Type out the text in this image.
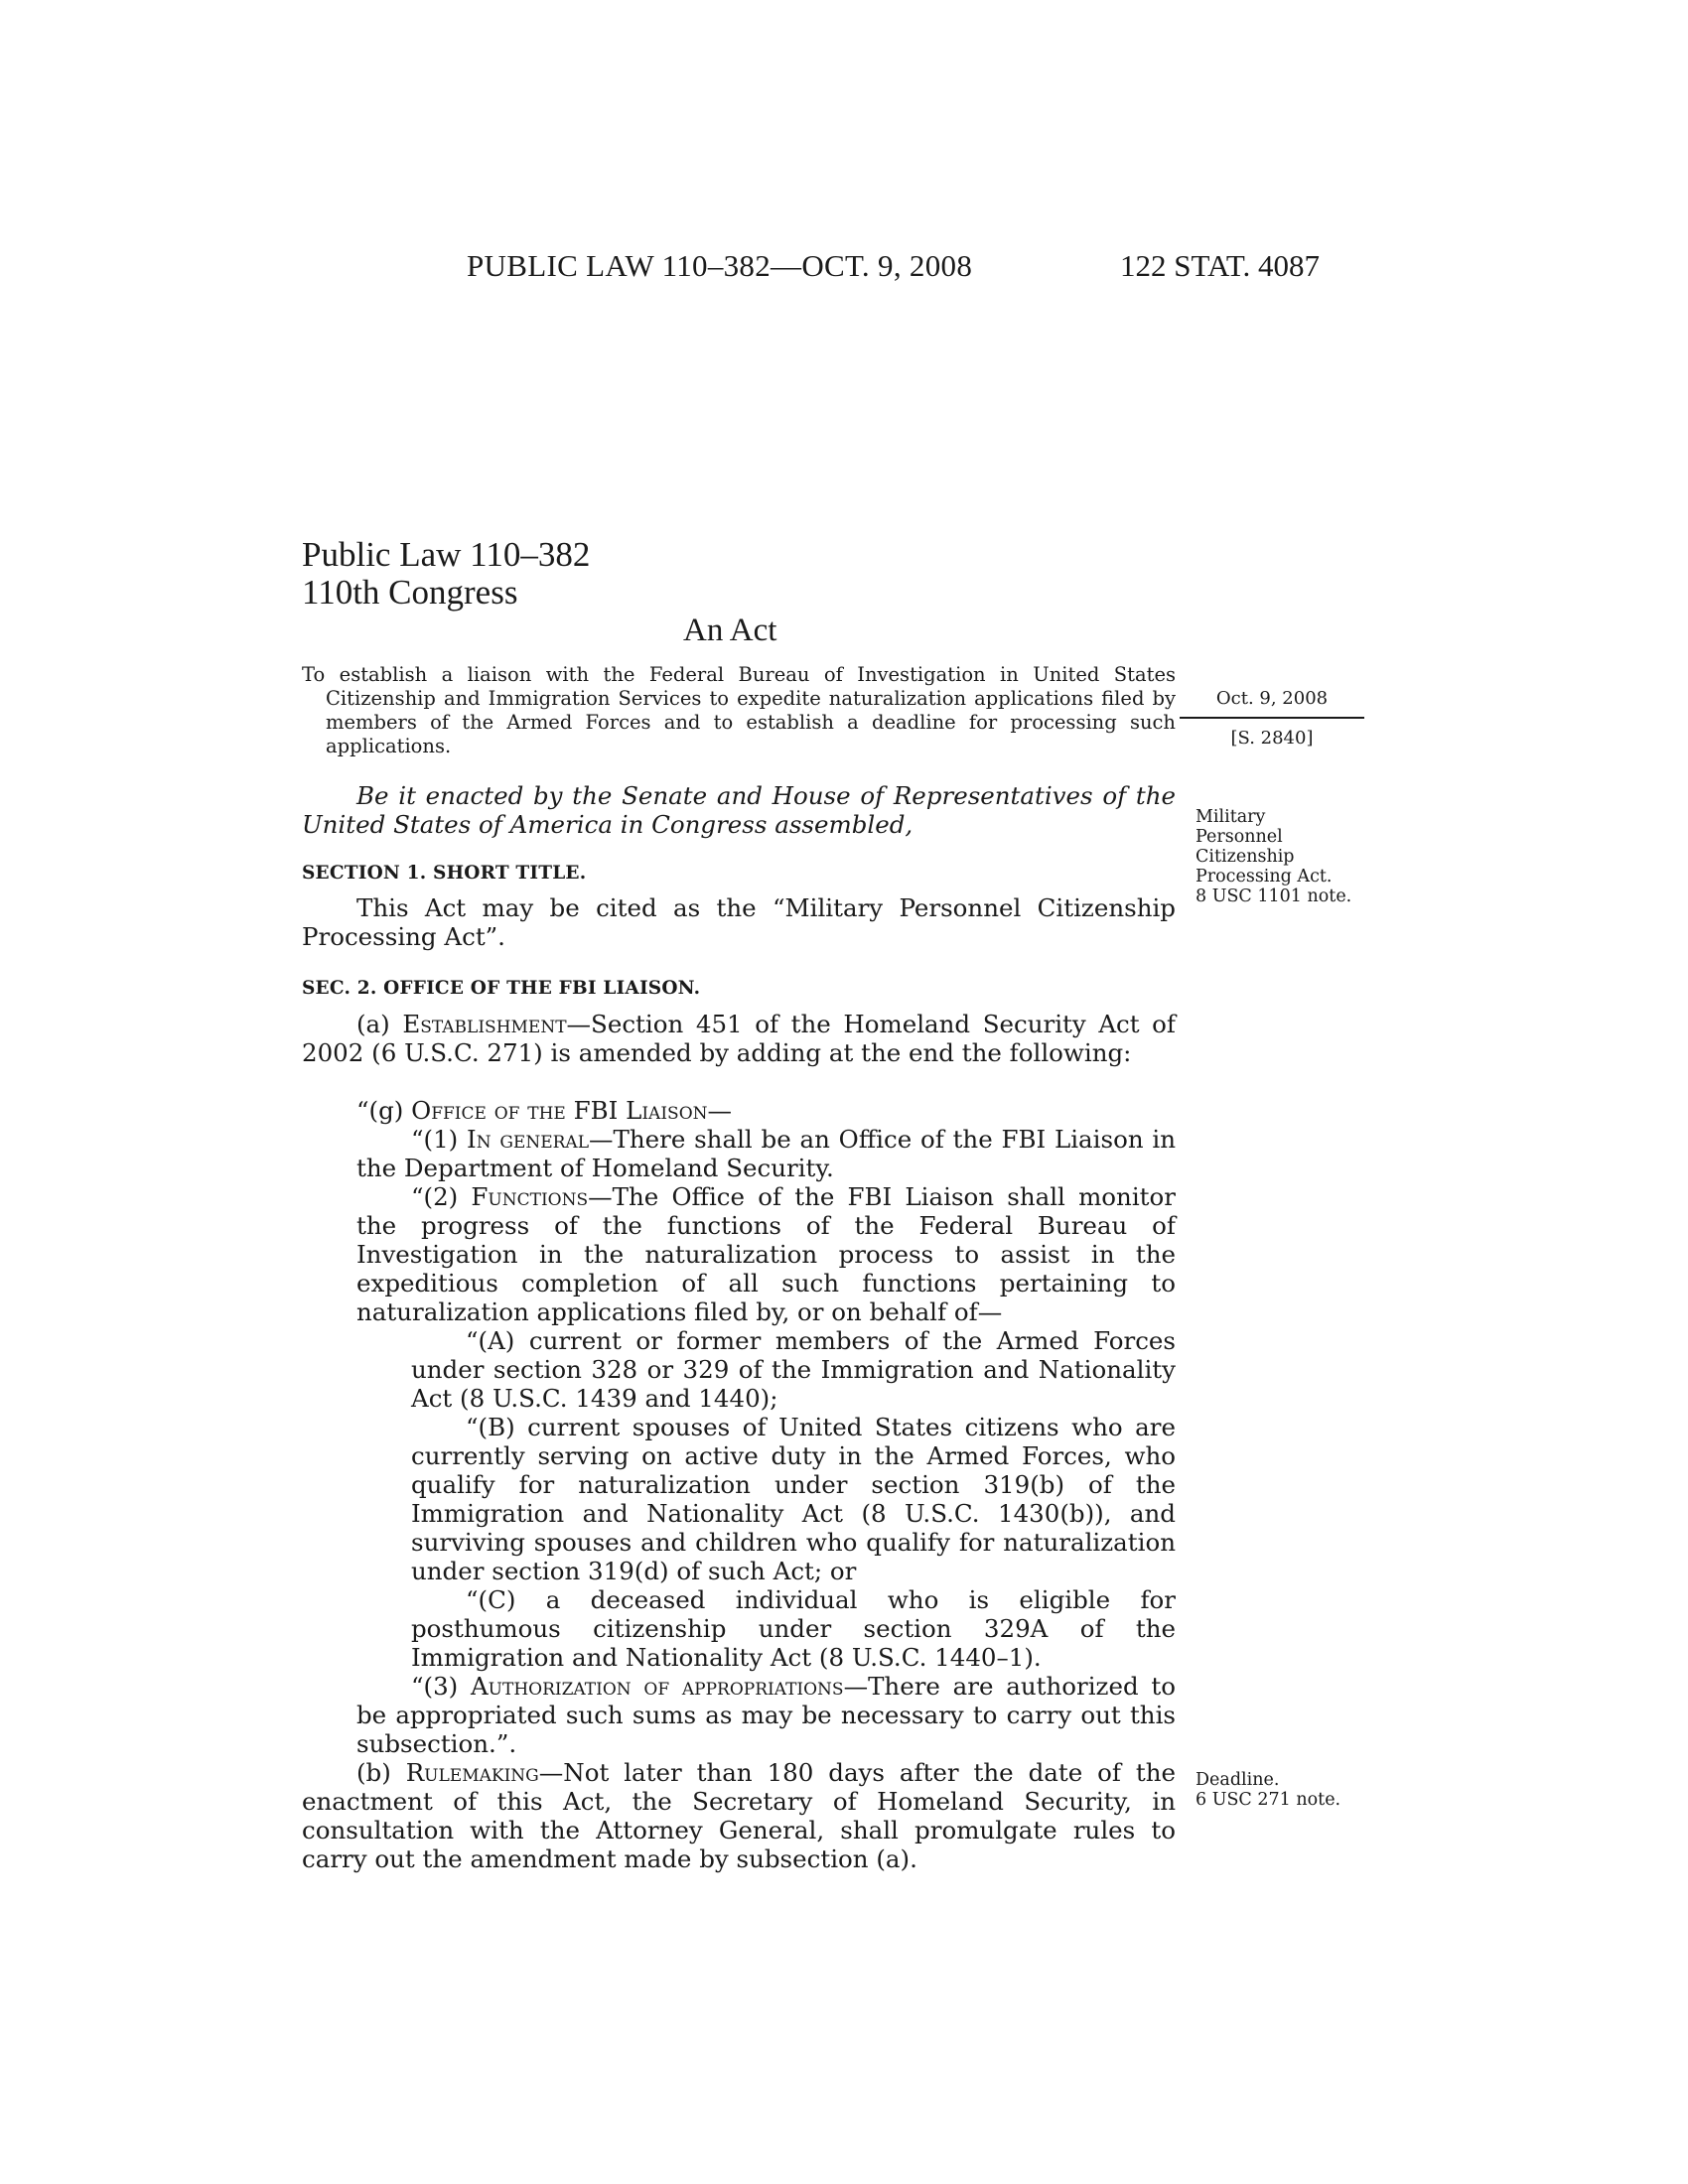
PUBLIC LAW 110–382—OCT. 9, 2008	122 STAT. 4087
Public Law 110–382
110th Congress
An Act
To establish a liaison with the Federal Bureau of Investigation in United States Citizenship and Immigration Services to expedite naturalization applications filed by members of the Armed Forces and to establish a deadline for processing such applications.
Oct. 9, 2008
[S. 2840]
Military
Personnel
Citizenship
Processing Act.
8 USC 1101 note.
Deadline.
6 USC 271 note.
Be it enacted by the Senate and House of Representatives of the United States of America in Congress assembled,
SECTION 1. SHORT TITLE.
This Act may be cited as the “Military Personnel Citizenship Processing Act”.
SEC. 2. OFFICE OF THE FBI LIAISON.
(a) Establishment—Section 451 of the Homeland Security Act of 2002 (6 U.S.C. 271) is amended by adding at the end the following:
“(g) Office of the FBI Liaison—
“(1) In general—There shall be an Office of the FBI Liaison in the Department of Homeland Security.
“(2) Functions—The Office of the FBI Liaison shall monitor the progress of the functions of the Federal Bureau of Investigation in the naturalization process to assist in the expeditious completion of all such functions pertaining to naturalization applications filed by, or on behalf of—
“(A) current or former members of the Armed Forces under section 328 or 329 of the Immigration and Nationality Act (8 U.S.C. 1439 and 1440);
“(B) current spouses of United States citizens who are currently serving on active duty in the Armed Forces, who qualify for naturalization under section 319(b) of the Immigration and Nationality Act (8 U.S.C. 1430(b)), and surviving spouses and children who qualify for naturalization under section 319(d) of such Act; or
“(C) a deceased individual who is eligible for posthumous citizenship under section 329A of the Immigration and Nationality Act (8 U.S.C. 1440–1).
“(3) Authorization of appropriations—There are authorized to be appropriated such sums as may be necessary to carry out this subsection.”.
(b) Rulemaking—Not later than 180 days after the date of the enactment of this Act, the Secretary of Homeland Security, in consultation with the Attorney General, shall promulgate rules to carry out the amendment made by subsection (a).
